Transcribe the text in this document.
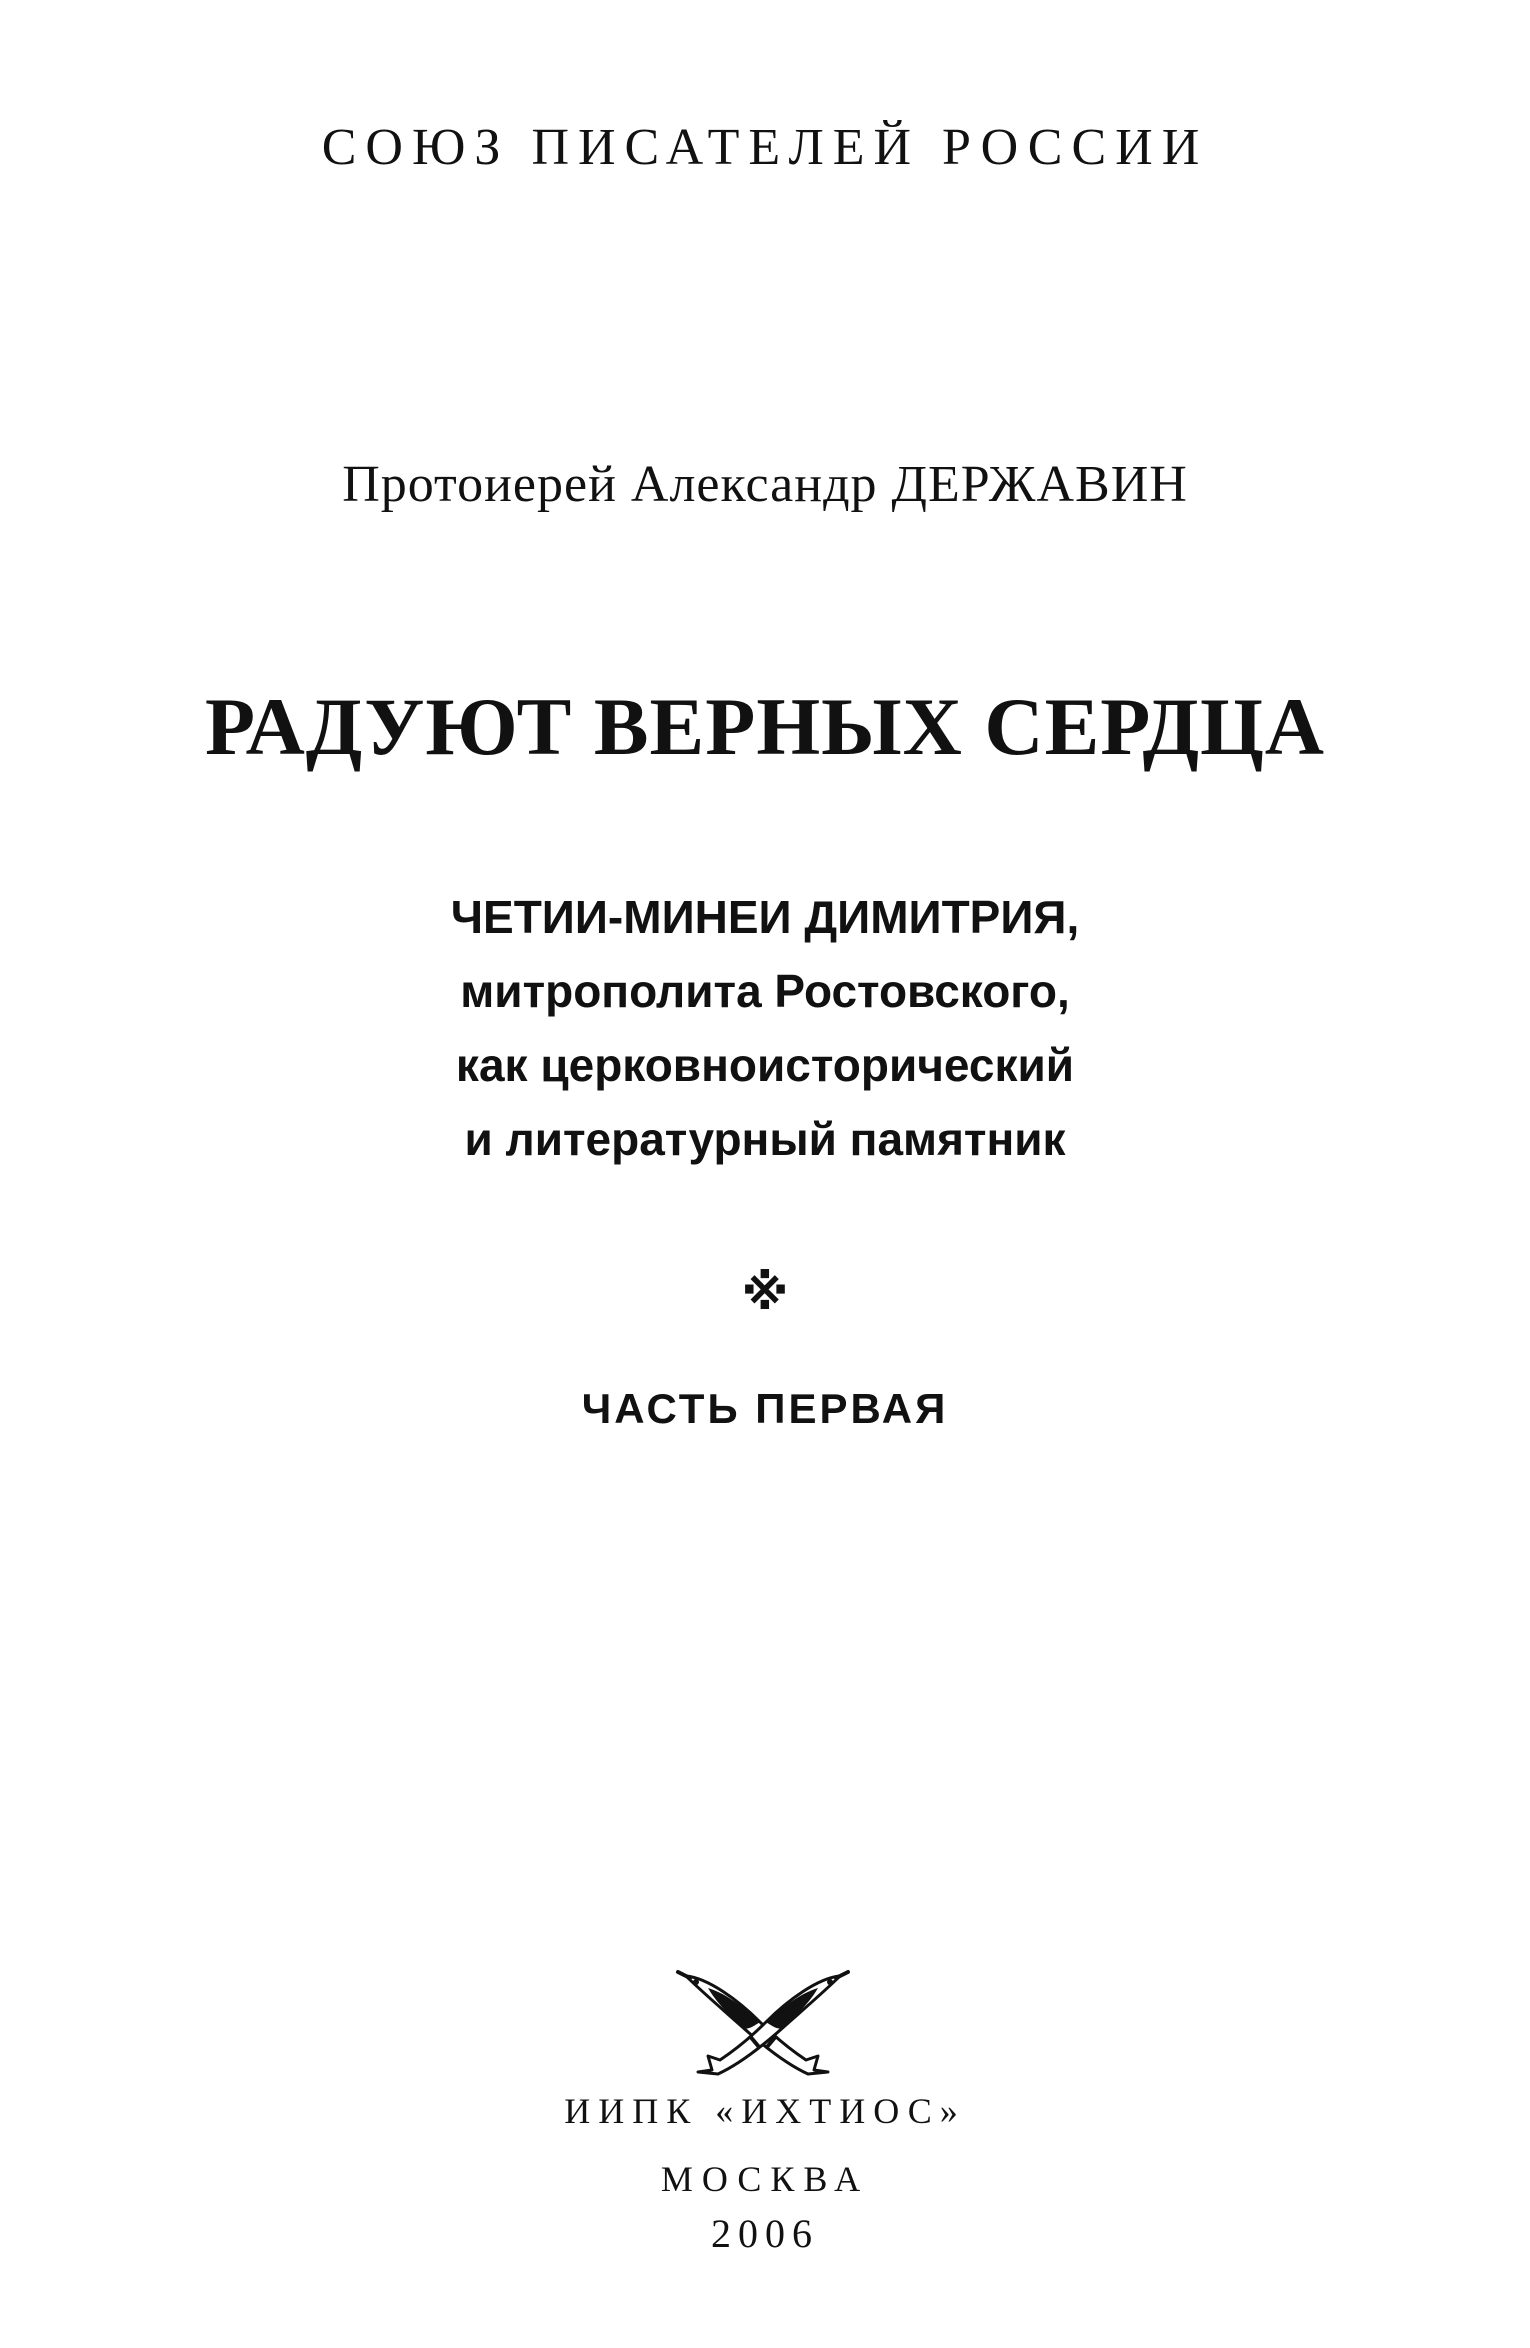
СОЮЗ ПИСАТЕЛЕЙ РОССИИ
Протоиерей Александр ДЕРЖАВИН
РАДУЮТ ВЕРНЫХ СЕРДЦА
ЧЕТИИ-МИНЕИ ДИМИТРИЯ,
митрополита Ростовского,
как церковноисторический
и литературный памятник
※
ЧАСТЬ ПЕРВАЯ
ИИПК «ИХТИОС»
МОСКВА
2006
